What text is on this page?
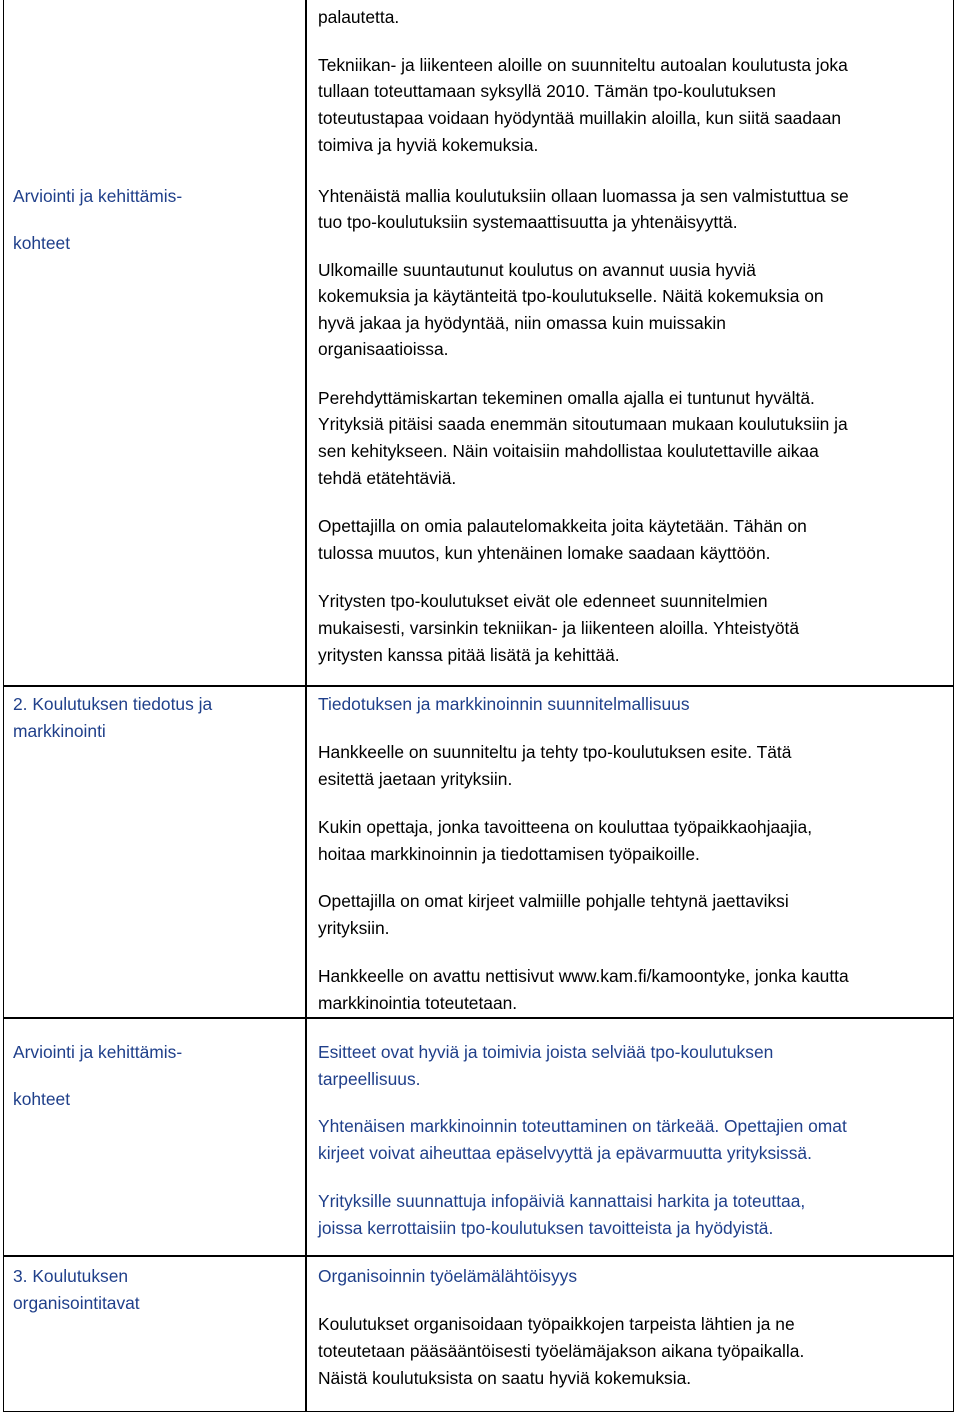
palautetta.

Tekniikan- ja liikenteen aloille on suunniteltu autoalan koulutusta joka

tullaan toteuttamaan syksyllä 2010. Tämän tpo-koulutuksen

toteutustapaa voidaan hyödyntää muillakin aloilla, kun siitä saadaan

toimiva ja hyviä kokemuksia.

Arviointi ja kehittämis-

kohteet

Yhtenäistä mallia koulutuksiin ollaan luomassa ja sen valmistuttua se

tuo tpo-koulutuksiin systemaattisuutta ja yhtenäisyyttä.

Ulkomaille suuntautunut koulutus on avannut uusia hyviä

kokemuksia ja käytänteitä tpo-koulutukselle. Näitä kokemuksia on

hyvä jakaa ja hyödyntää, niin omassa kuin muissakin

organisaatioissa.

Perehdyttämiskartan tekeminen omalla ajalla ei tuntunut hyvältä.

Yrityksiä pitäisi saada enemmän sitoutumaan mukaan koulutuksiin ja

sen kehitykseen. Näin voitaisiin mahdollistaa koulutettaville aikaa

tehdä etätehtäviä.

Opettajilla on omia palautelomakkeita joita käytetään. Tähän on

tulossa muutos, kun yhtenäinen lomake saadaan käyttöön.

Yritysten tpo-koulutukset eivät ole edenneet suunnitelmien

mukaisesti, varsinkin tekniikan- ja liikenteen aloilla. Yhteistyötä

yritysten kanssa pitää lisätä ja kehittää.

2. Koulutuksen tiedotus ja

markkinointi

Tiedotuksen ja markkinoinnin suunnitelmallisuus

Hankkeelle on suunniteltu ja tehty tpo-koulutuksen esite. Tätä

esitettä jaetaan yrityksiin.

Kukin opettaja, jonka tavoitteena on kouluttaa työpaikkaohjaajia,

hoitaa markkinoinnin ja tiedottamisen työpaikoille.

Opettajilla on omat kirjeet valmiille pohjalle tehtynä jaettaviksi

yrityksiin.

Hankkeelle on avattu nettisivut www.kam.fi/kamoontyke, jonka kautta

markkinointia toteutetaan.

Arviointi ja kehittämis-

kohteet

Esitteet ovat hyviä ja toimivia joista selviää tpo-koulutuksen

tarpeellisuus.

Yhtenäisen markkinoinnin toteuttaminen on tärkeää. Opettajien omat

kirjeet voivat aiheuttaa epäselvyyttä ja epävarmuutta yrityksissä.

Yrityksille suunnattuja infopäiviä kannattaisi harkita ja toteuttaa,

joissa kerrottaisiin tpo-koulutuksen tavoitteista ja hyödyistä.

3. Koulutuksen

organisointitavat

Organisoinnin työelämälähtöisyys

Koulutukset organisoidaan työpaikkojen tarpeista lähtien ja ne

toteutetaan pääsääntöisesti työelämäjakson aikana työpaikalla.

Näistä koulutuksista on saatu hyviä kokemuksia.
